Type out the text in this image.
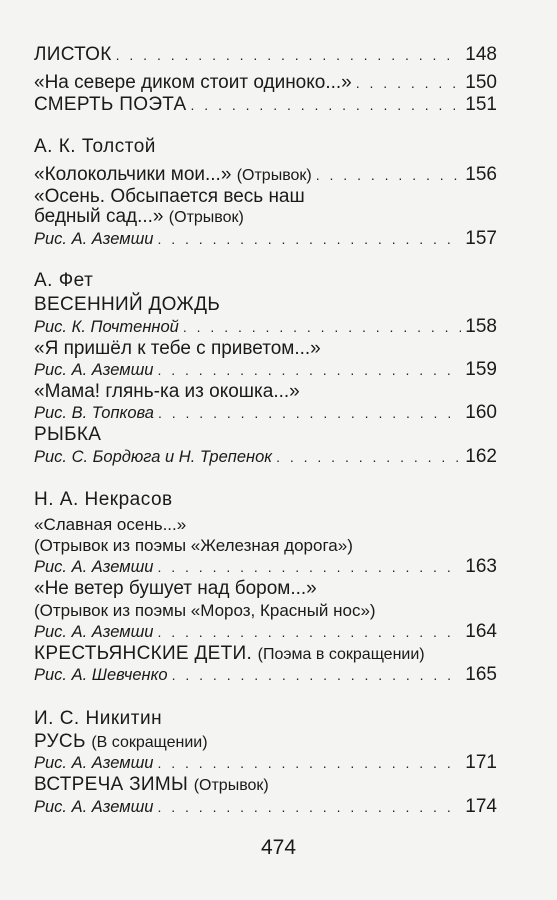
ЛИСТОК . . .	148
«На севере диком стоит одиноко...» . . .	150
СМЕРТЬ ПОЭТА . . .	151
А. К. Толстой
«Колокольчики мои...» (Отрывок) . . .	156
«Осень. Обсыпается весь наш
бедный сад...» (Отрывок)
Рис. А. Аземши . . .	157
А. Фет
ВЕСЕННИЙ ДОЖДЬ
Рис. К. Почтенной . . .	158
«Я пришёл к тебе с приветом...»
Рис. А. Аземши . . .	159
«Мама! глянь-ка из окошка...»
Рис. В. Топкова . . .	160
РЫБКА
Рис. С. Бордюга и Н. Трепенок . . .	162
Н. А. Некрасов
«Славная осень...»
(Отрывок из поэмы «Железная дорога»)
Рис. А. Аземши . . .	163
«Не ветер бушует над бором...»
(Отрывок из поэмы «Мороз, Красный нос»)
Рис. А. Аземши . . .	164
КРЕСТЬЯНСКИЕ ДЕТИ. (Поэма в сокращении)
Рис. А. Шевченко . . .	165
И. С. Никитин
РУСЬ (В сокращении)
Рис. А. Аземши . . .	171
ВСТРЕЧА ЗИМЫ (Отрывок)
Рис. А. Аземши . . .	174
474
